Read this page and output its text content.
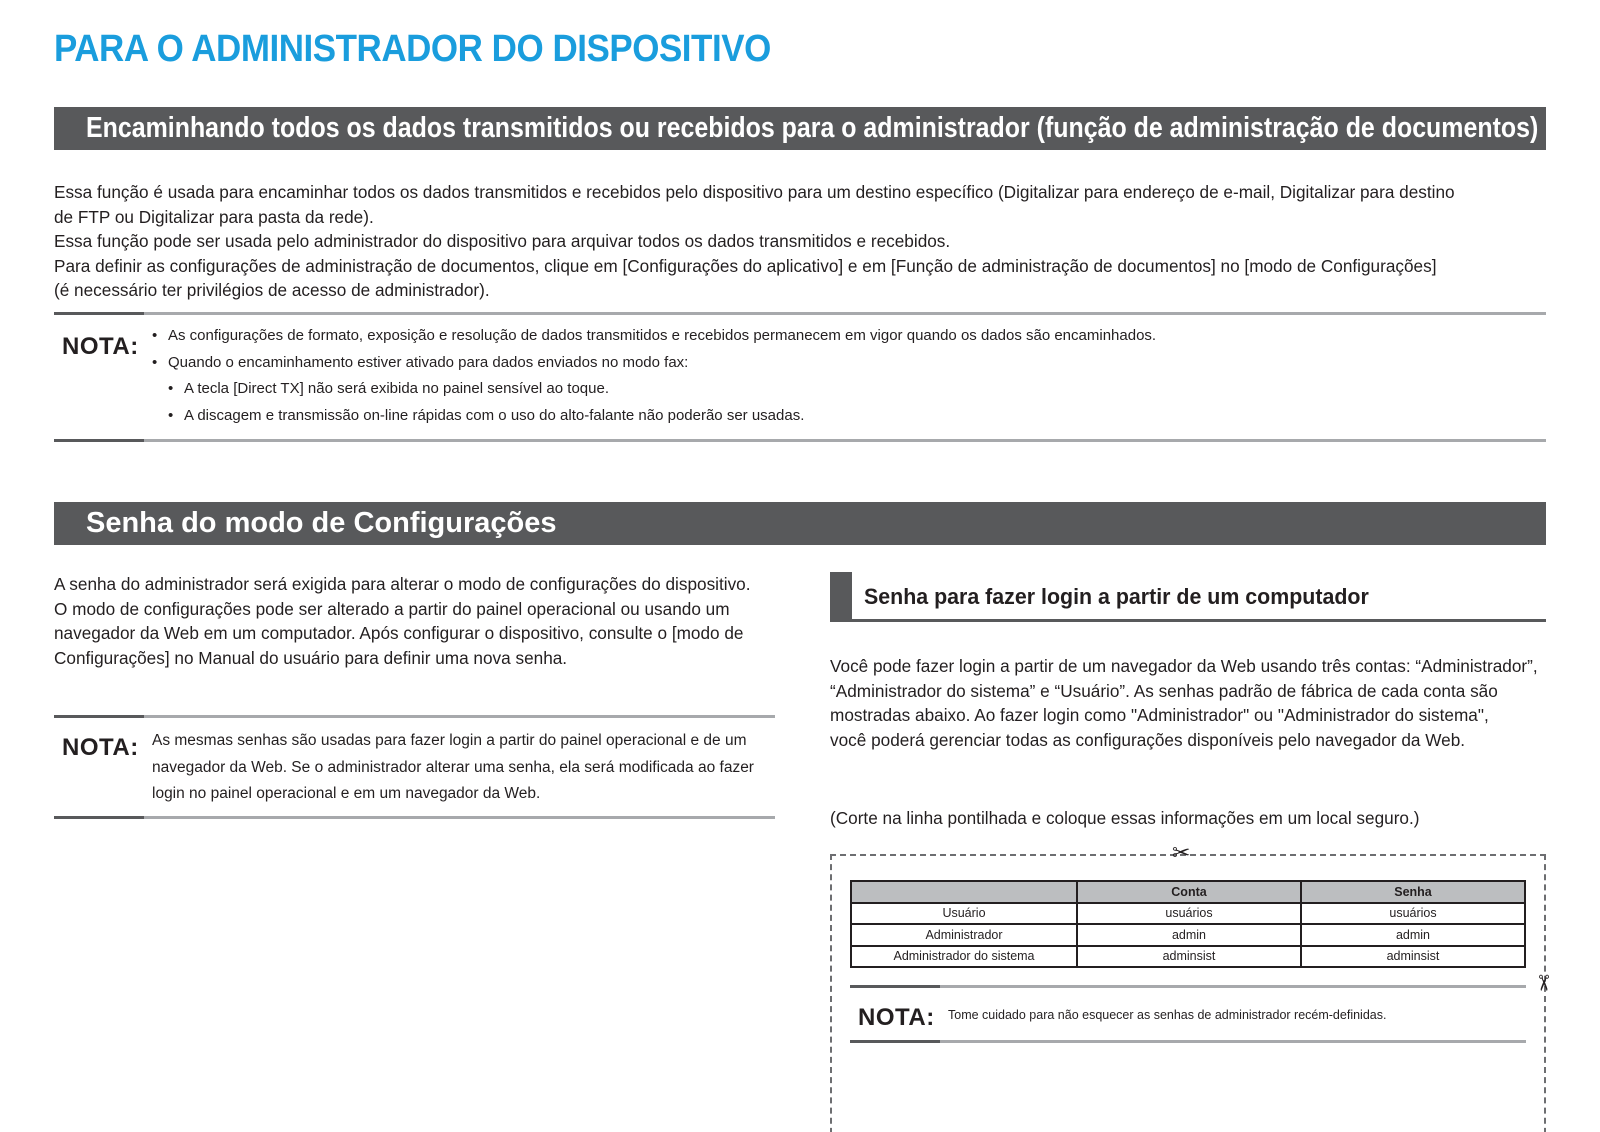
PARA O ADMINISTRADOR DO DISPOSITIVO
Encaminhando todos os dados transmitidos ou recebidos para o administrador (função de administração de documentos)

Essa função é usada para encaminhar todos os dados transmitidos e recebidos pelo dispositivo para um destino específico (Digitalizar para endereço de e-mail, Digitalizar para destino

de FTP ou Digitalizar para pasta da rede).

Essa função pode ser usada pelo administrador do dispositivo para arquivar todos os dados transmitidos e recebidos.

Para definir as configurações de administração de documentos, clique em [Configurações do aplicativo] e em [Função de administração de documentos] no [modo de Configurações]

(é necessário ter privilégios de acesso de administrador).

NOTA:	• As configurações de formato, exposição e resolução de dados transmitidos e recebidos permanecem em vigor quando os dados são encaminhados.
• Quando o encaminhamento estiver ativado para dados enviados no modo fax:
• A tecla [Direct TX] não será exibida no painel sensível ao toque.
• A discagem e transmissão on-line rápidas com o uso do alto-falante não poderão ser usadas.
Senha do modo de Configurações

A senha do administrador será exigida para alterar o modo de configurações do dispositivo.

O modo de configurações pode ser alterado a partir do painel operacional ou usando um

navegador da Web em um computador. Após configurar o dispositivo, consulte o [modo de

Configurações] no Manual do usuário para definir uma nova senha.

NOTA: As mesmas senhas são usadas para fazer login a partir do painel operacional e de um

navegador da Web. Se o administrador alterar uma senha, ela será modificada ao fazer

login no painel operacional e em um navegador da Web.

Senha para fazer login a partir de um computador

Você pode fazer login a partir de um navegador da Web usando três contas: “Administrador”,

“Administrador do sistema” e “Usuário”. As senhas padrão de fábrica de cada conta são

mostradas abaixo. Ao fazer login como "Administrador" ou "Administrador do sistema",

você poderá gerenciar todas as configurações disponíveis pelo navegador da Web.

(Corte na linha pontilhada e coloque essas informações em um local seguro.)
✂
✂
	Conta	Senha
Usuário	usuários	usuários
Administrador	admin	admin
Administrador do sistema	adminsist	adminsist
NOTA: Tome cuidado para não esquecer as senhas de administrador recém-definidas.
